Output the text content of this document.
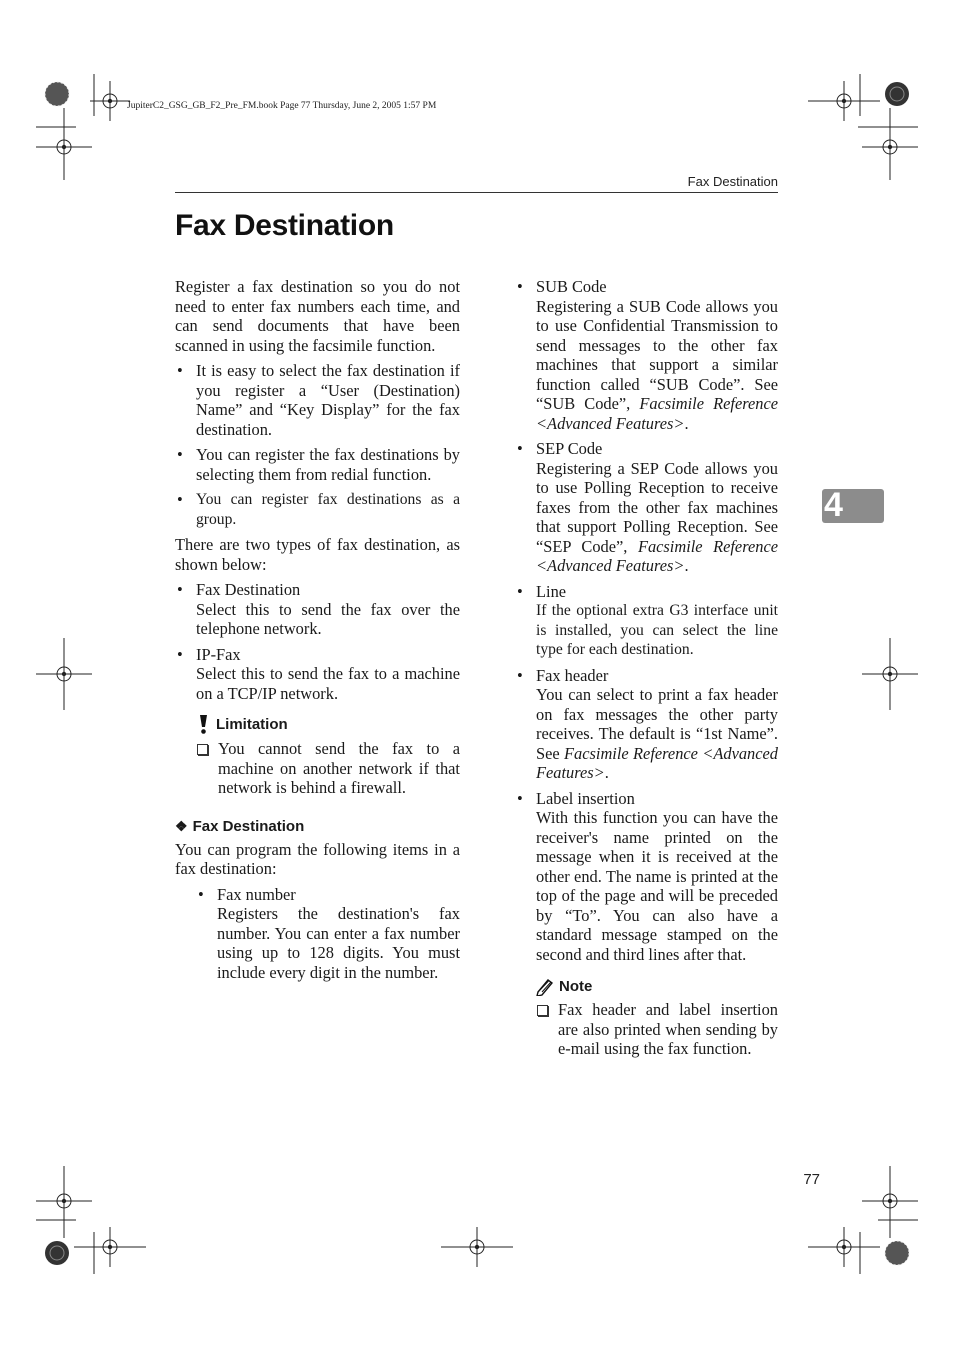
JupiterC2_GSG_GB_F2_Pre_FM.book Page 77 Thursday, June 2, 2005 1:57 PM
Fax Destination
Fax Destination
4
77

Register a fax destination so you do not need to enter fax numbers each time, and can send documents that have been scanned in using the facsimile function.

• It is easy to select the fax destination if you register a “User (Destination) Name” and “Key Display” for the fax destination.
• You can register the fax destinations by selecting them from redial function.
• You can register fax destinations as a group.

There are two types of fax destination, as shown below:

• Fax Destination
Select this to send the fax over the telephone network.
• IP-Fax
Select this to send the fax to a machine on a TCP/IP network.
Limitation
You cannot send the fax to a machine on another network if that network is behind a firewall.
❖ Fax Destination

You can program the following items in a fax destination:

• Fax number
Registers the destination's fax number. You can enter a fax number using up to 128 digits. You must include every digit in the number.
• SUB Code
Registering a SUB Code allows you to use Confidential Transmission to send messages to the other fax machines that support a similar function called “SUB Code”. See “SUB Code”, Facsimile Reference <Advanced Features>.
• SEP Code
Registering a SEP Code allows you to use Polling Reception to receive faxes from the other fax machines that support Polling Reception. See “SEP Code”, Facsimile Reference <Advanced Features>.
• Line
If the optional extra G3 interface unit is installed, you can select the line type for each destination.
• Fax header
You can select to print a fax header on fax messages the other party receives. The default is “1st Name”. See Facsimile Reference <Advanced Features>.
• Label insertion
With this function you can have the receiver's name printed on the message when it is received at the other end. The name is printed at the top of the page and will be preceded by “To”. You can also have a standard message stamped on the second and third lines after that.
Note
Fax header and label insertion are also printed when sending by e-mail using the fax function.
